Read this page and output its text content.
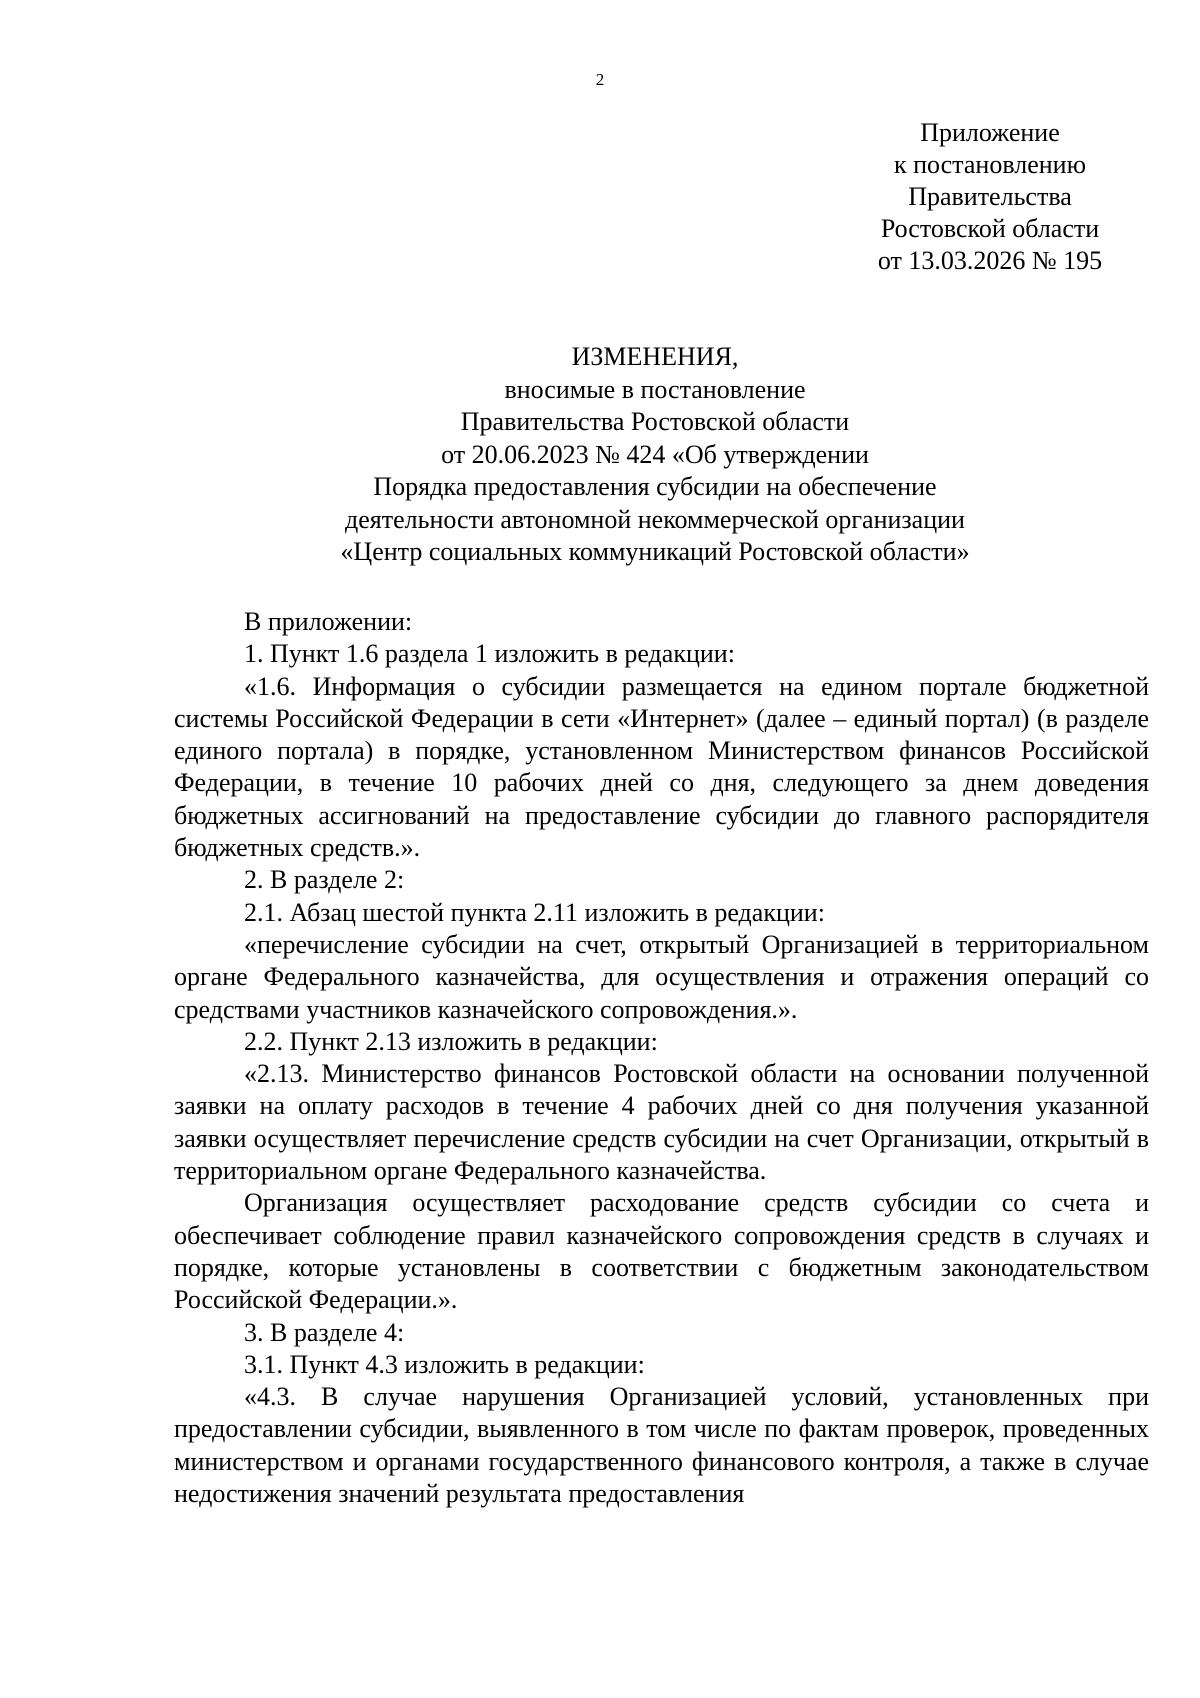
2
Приложение
к постановлению
Правительства
Ростовской области
от 13.03.2026 № 195
ИЗМЕНЕНИЯ,
вносимые в постановление
Правительства Ростовской области
от 20.06.2023 № 424 «Об утверждении
Порядка предоставления субсидии на обеспечение
деятельности автономной некоммерческой организации
«Центр социальных коммуникаций Ростовской области»

В приложении:

1. Пункт 1.6 раздела 1 изложить в редакции:

«1.6. Информация о субсидии размещается на едином портале бюджетной системы Российской Федерации в сети «Интернет» (далее – единый портал) (в разделе единого портала) в порядке, установленном Министерством финансов Российской Федерации, в течение 10 рабочих дней со дня, следующего за днем доведения бюджетных ассигнований на предоставление субсидии до главного распорядителя бюджетных средств.».

2. В разделе 2:

2.1. Абзац шестой пункта 2.11 изложить в редакции:

«перечисление субсидии на счет, открытый Организацией в территориальном органе Федерального казначейства, для осуществления и отражения операций со средствами участников казначейского сопровождения.».

2.2. Пункт 2.13 изложить в редакции:

«2.13. Министерство финансов Ростовской области на основании полученной заявки на оплату расходов в течение 4 рабочих дней со дня получения указанной заявки осуществляет перечисление средств субсидии на счет Организации, открытый в территориальном органе Федерального казначейства.

Организация осуществляет расходование средств субсидии со счета и обеспечивает соблюдение правил казначейского сопровождения средств в случаях и порядке, которые установлены в соответствии с бюджетным законодательством Российской Федерации.».

3. В разделе 4:

3.1. Пункт 4.3 изложить в редакции:

«4.3. В случае нарушения Организацией условий, установленных при предоставлении субсидии, выявленного в том числе по фактам проверок, проведенных министерством и органами государственного финансового контроля, а также в случае недостижения значений результата предоставления
